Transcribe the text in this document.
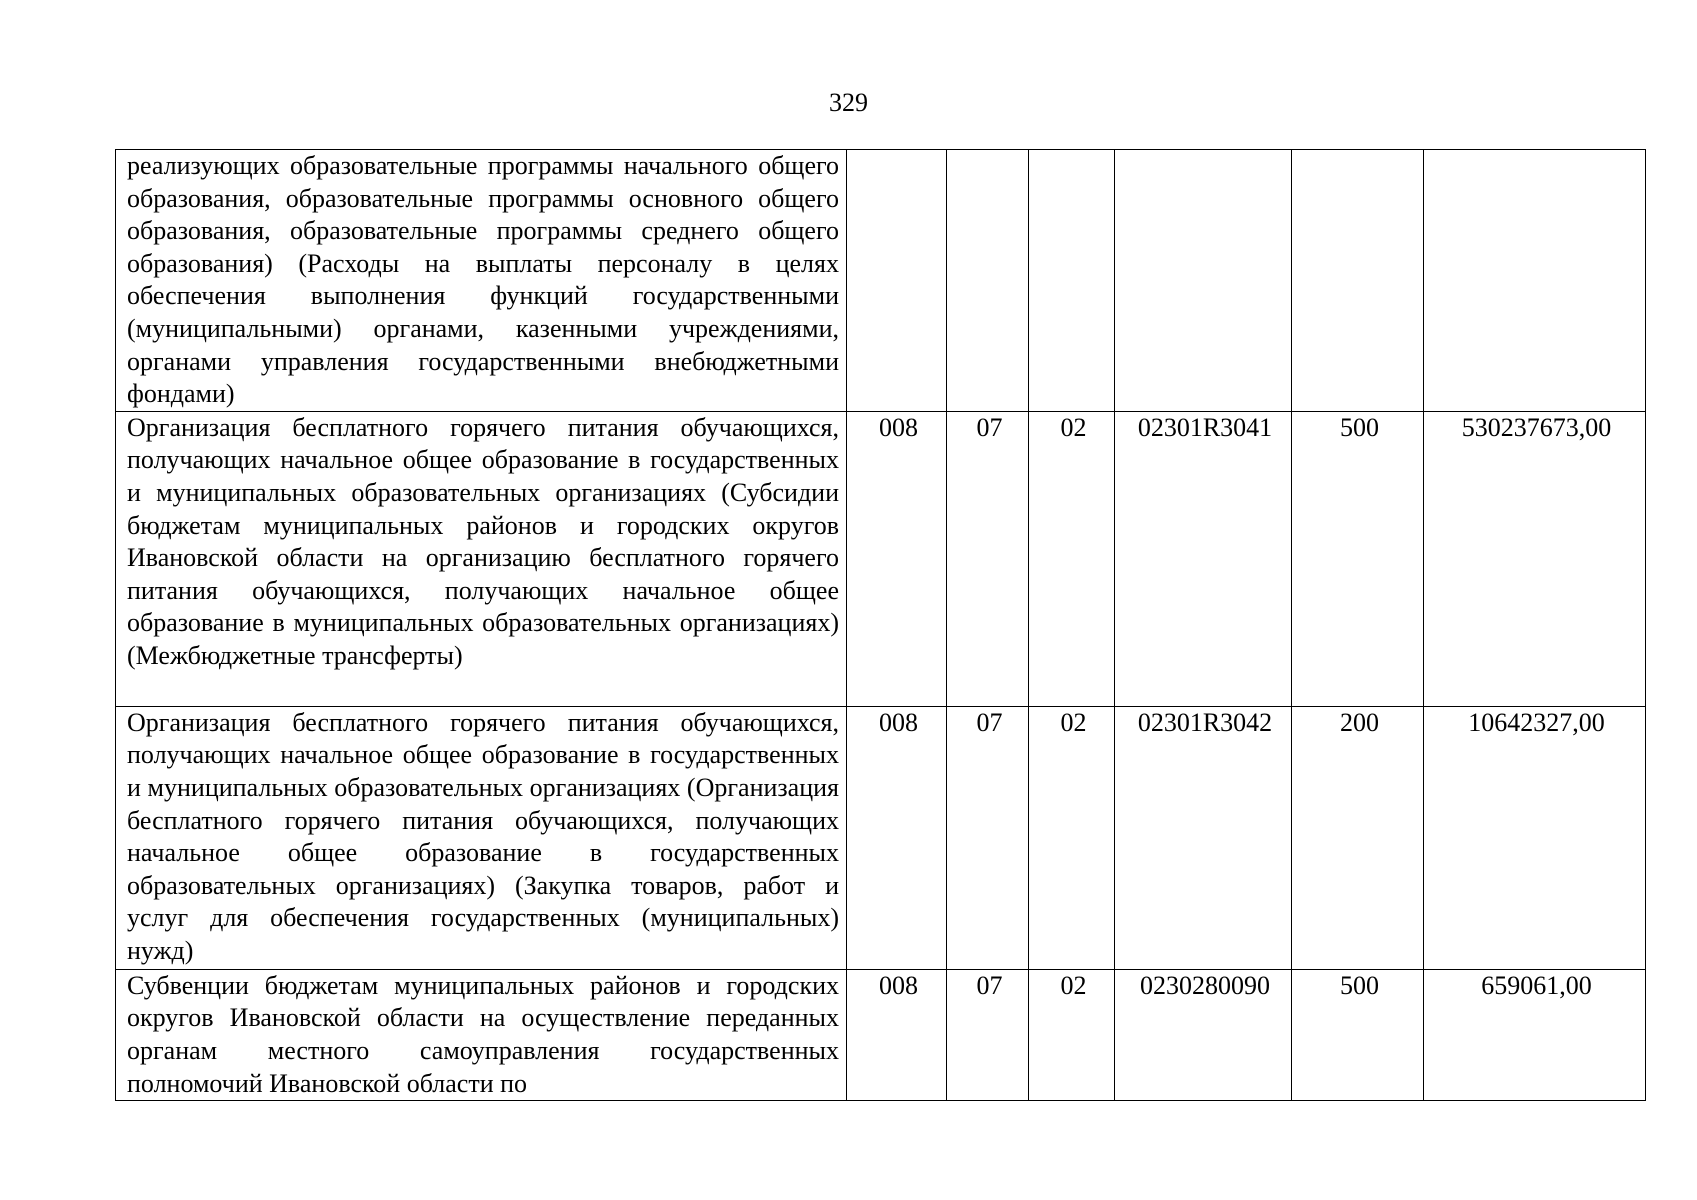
329
реализующих образовательные программы начального общего образования, образовательные программы основного общего образования, образовательные программы среднего общего образования) (Расходы на выплаты персоналу в целях обеспечения выполнения функций государственными (муниципальными) органами, казенными учреждениями, органами управления государственными внебюджетными фондами)						
Организация бесплатного горячего питания обучающихся, получающих начальное общее образование в государственных и муниципальных образовательных организациях (Субсидии бюджетам муниципальных районов и городских округов Ивановской области на организацию бесплатного горячего питания обучающихся, получающих начальное общее образование в муниципальных образовательных организациях) (Межбюджетные трансферты)	008	07	02	02301R3041	500	530237673,00
Организация бесплатного горячего питания обучающихся, получающих начальное общее образование в государственных и муниципальных образовательных организациях (Организация бесплатного горячего питания обучающихся, получающих начальное общее образование в государственных образовательных организациях) (Закупка товаров, работ и услуг для обеспечения государственных (муниципальных) нужд)	008	07	02	02301R3042	200	10642327,00
Субвенции бюджетам муниципальных районов и городских округов Ивановской области на осуществление переданных органам местного самоуправления государственных полномочий Ивановской области по	008	07	02	0230280090	500	659061,00
